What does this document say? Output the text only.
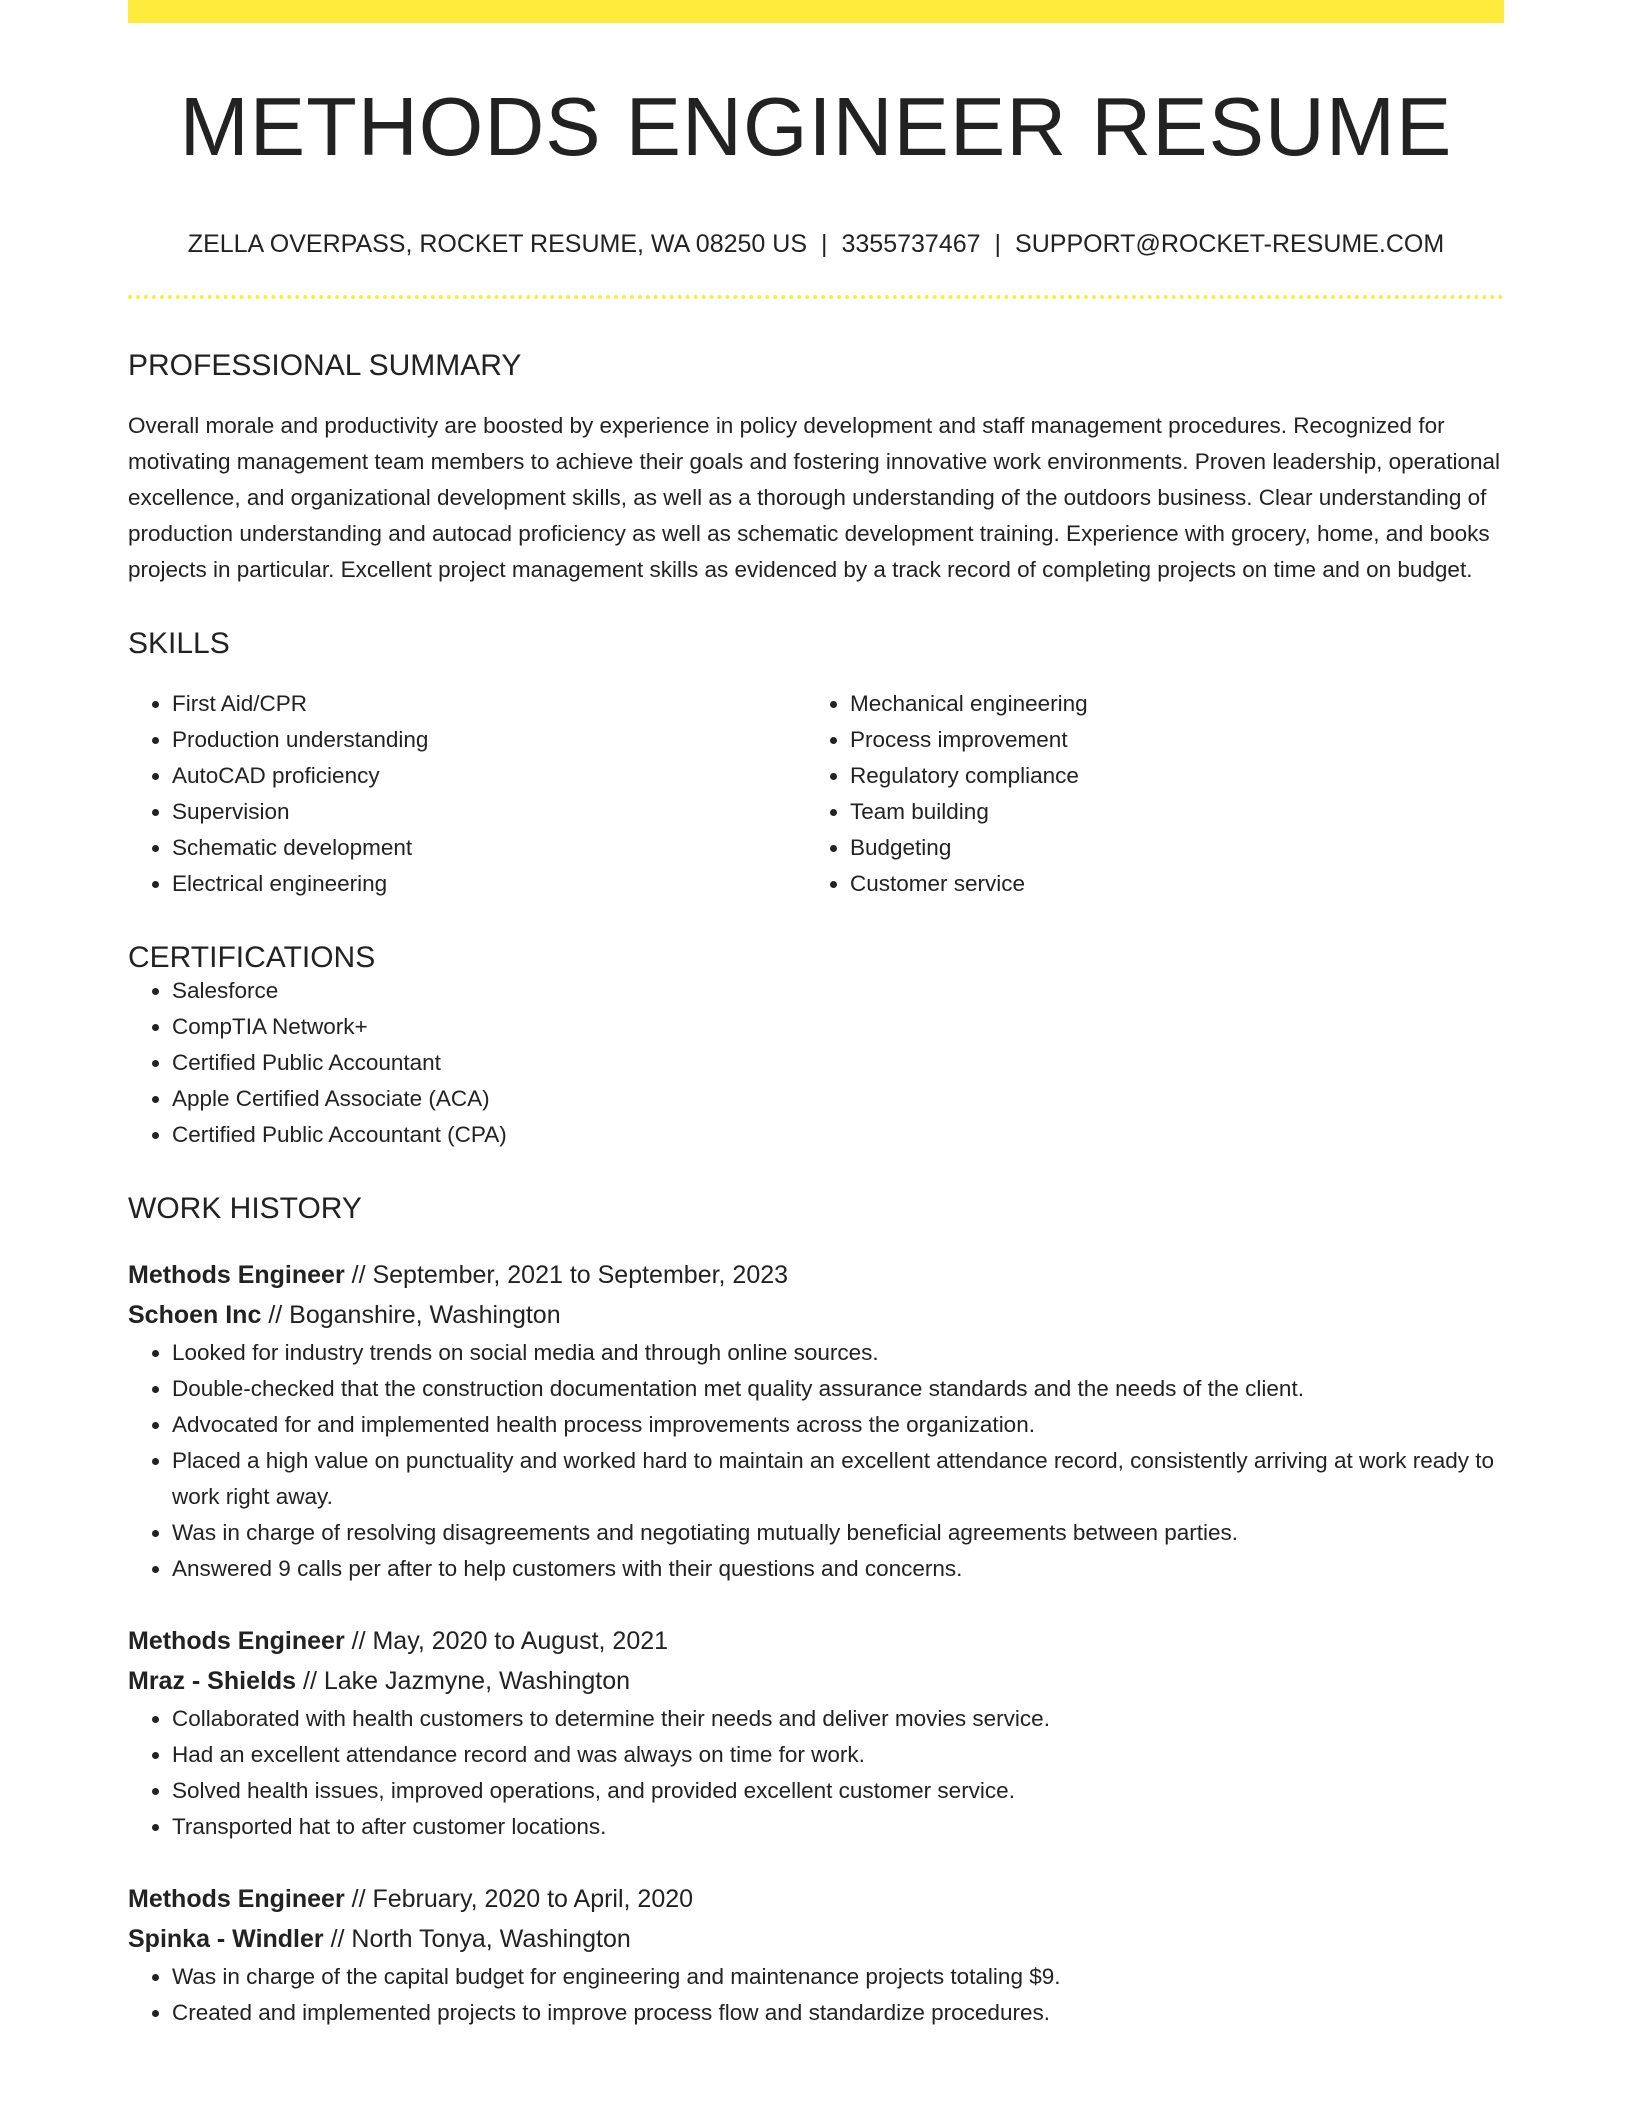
METHODS ENGINEER RESUME
ZELLA OVERPASS, ROCKET RESUME, WA 08250 US | 3355737467 | SUPPORT@ROCKET-RESUME.COM
PROFESSIONAL SUMMARY

Overall morale and productivity are boosted by experience in policy development and staff management procedures. Recognized for motivating management team members to achieve their goals and fostering innovative work environments. Proven leadership, operational excellence, and organizational development skills, as well as a thorough understanding of the outdoors business. Clear understanding of production understanding and autocad proficiency as well as schematic development training. Experience with grocery, home, and books projects in particular. Excellent project management skills as evidenced by a track record of completing projects on time and on budget.

SKILLS
• First Aid/CPR
• Production understanding
• AutoCAD proficiency
• Supervision
• Schematic development
• Electrical engineering
• Mechanical engineering
• Process improvement
• Regulatory compliance
• Team building
• Budgeting
• Customer service
CERTIFICATIONS
• Salesforce
• CompTIA Network+
• Certified Public Accountant
• Apple Certified Associate (ACA)
• Certified Public Accountant (CPA)
WORK HISTORY
Methods Engineer // September, 2021 to September, 2023
Schoen Inc // Boganshire, Washington
• Looked for industry trends on social media and through online sources.
• Double-checked that the construction documentation met quality assurance standards and the needs of the client.
• Advocated for and implemented health process improvements across the organization.
• Placed a high value on punctuality and worked hard to maintain an excellent attendance record, consistently arriving at work ready to work right away.
• Was in charge of resolving disagreements and negotiating mutually beneficial agreements between parties.
• Answered 9 calls per after to help customers with their questions and concerns.
Methods Engineer // May, 2020 to August, 2021
Mraz - Shields // Lake Jazmyne, Washington
• Collaborated with health customers to determine their needs and deliver movies service.
• Had an excellent attendance record and was always on time for work.
• Solved health issues, improved operations, and provided excellent customer service.
• Transported hat to after customer locations.
Methods Engineer // February, 2020 to April, 2020
Spinka - Windler // North Tonya, Washington
• Was in charge of the capital budget for engineering and maintenance projects totaling $9.
• Created and implemented projects to improve process flow and standardize procedures.
